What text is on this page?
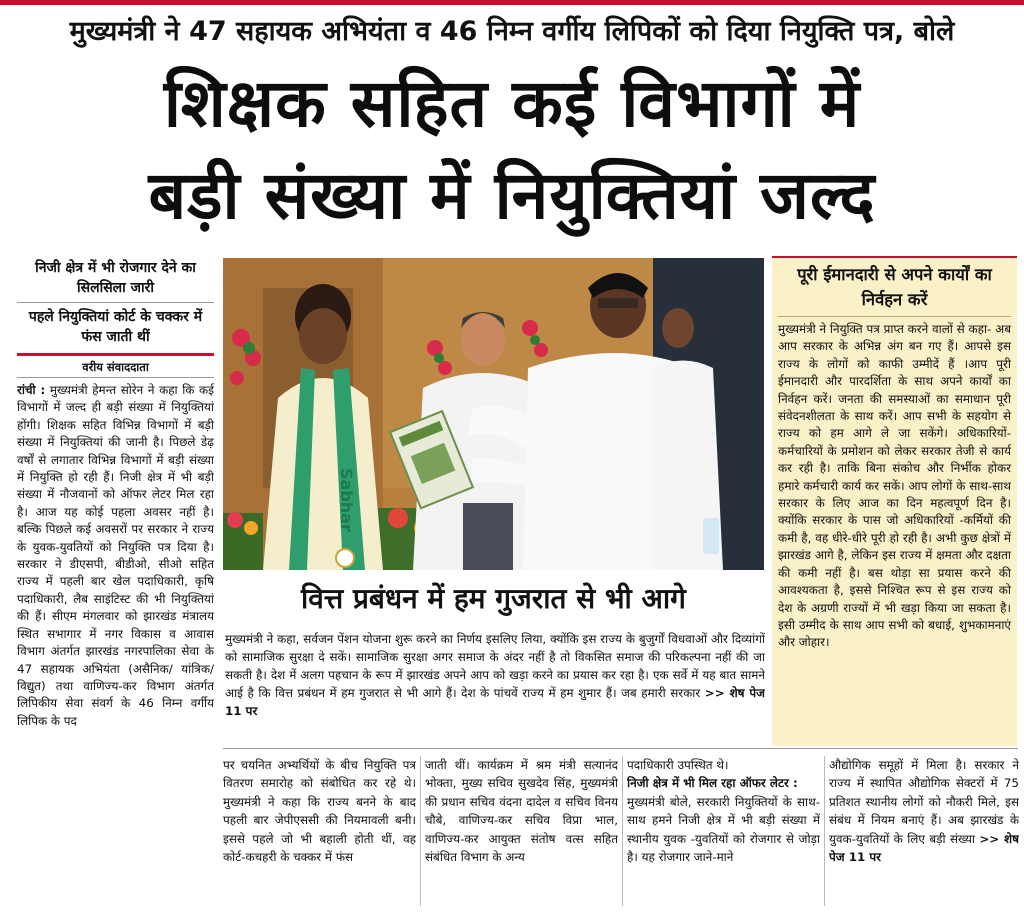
मुख्यमंत्री ने 47 सहायक अभियंता व 46 निम्न वर्गीय लिपिकों को दिया नियुक्ति पत्र, बोले
शिक्षक सहित कई विभागों में
बड़ी संख्या में नियुक्तियां जल्द
निजी क्षेत्र में भी रोजगार देने का सिलसिला जारी
पहले नियुक्तियां कोर्ट के चक्कर में फंस जाती थीं
वरीय संवाददाता
रांची : मुख्यमंत्री हेमन्त सोरेन ने कहा कि कई विभागों में जल्द ही बड़ी संख्या में नियुक्तियां होंगी। शिक्षक सहित विभिन्न विभागों में बड़ी संख्या में नियुक्तियां की जानी है। पिछले डेढ़ वर्षों से लगातार विभिन्न विभागों में बड़ी संख्या में नियुक्ति हो रही हैं। निजी क्षेत्र में भी बड़ी संख्या में नौजवानों को ऑफर लेटर मिल रहा है। आज यह कोई पहला अवसर नहीं है। बल्कि पिछले कई अवसरों पर सरकार ने राज्य के युवक-युवतियों को नियुक्ति पत्र दिया है। सरकार ने डीएसपी, बीडीओ, सीओ सहित राज्य में पहली बार खेल पदाधिकारी, कृषि पदाधिकारी, लैब साइंटिस्ट की भी नियुक्तियां की हैं। सीएम मंगलवार को झारखंड मंत्रालय स्थित सभागार में नगर विकास व आवास विभाग अंतर्गत झारखंड नगरपालिका सेवा के 47 सहायक अभियंता (असैनिक/ यांत्रिक/ विद्युत) तथा वाणिज्य-कर विभाग अंतर्गत लिपिकीय सेवा संवर्ग के 46 निम्न वर्गीय लिपिक के पद
Sabhar
वित्त प्रबंधन में हम गुजरात से भी आगे
मुख्यमंत्री ने कहा, सर्वजन पेंशन योजना शुरू करने का निर्णय इसलिए लिया, क्योंकि इस राज्य के बुजुर्गों विधवाओं और दिव्यांगों को सामाजिक सुरक्षा दे सकें। सामाजिक सुरक्षा अगर समाज के अंदर नहीं है तो विकसित समाज की परिकल्पना नहीं की जा सकती है। देश में अलग पहचान के रूप में झारखंड अपने आप को खड़ा करने का प्रयास कर रहा है। एक सर्वे में यह बात सामने आई है कि वित्त प्रबंधन में हम गुजरात से भी आगे हैं। देश के पांचवें राज्य में हम शुमार हैं। जब हमारी सरकार >> शेष पेज 11 पर
पूरी ईमानदारी से अपने कार्यों का निर्वहन करें
मुख्यमंत्री ने नियुक्ति पत्र प्राप्त करने वालों से कहा- अब आप सरकार के अभिन्न अंग बन गए हैं। आपसे इस राज्य के लोगों को काफी उम्मीदें हैं ।आप पूरी ईमानदारी और पारदर्शिता के साथ अपने कार्यों का निर्वहन करें। जनता की समस्याओं का समाधान पूरी संवेदनशीलता के साथ करें। आप सभी के सहयोग से राज्य को हम आगे ले जा सकेंगे। अधिकारियों- कर्मचारियों के प्रमोशन को लेकर सरकार तेजी से कार्य कर रही है। ताकि बिना संकोच और निर्भीक होकर हमारे कर्मचारी कार्य कर सकें। आप लोगों के साथ-साथ सरकार के लिए आज का दिन महत्वपूर्ण दिन है। क्योंकि सरकार के पास जो अधिकारियों -कर्मियों की कमी है, वह धीरे-धीरे पूरी हो रही है। अभी कुछ क्षेत्रों में झारखंड आगे है, लेकिन इस राज्य में क्षमता और दक्षता की कमी नहीं है। बस थोड़ा सा प्रयास करने की आवश्यकता है, इससे निश्चित रूप से इस राज्य को देश के अग्रणी राज्यों में भी खड़ा किया जा सकता है। इसी उम्मीद के साथ आप सभी को बधाई, शुभकामनाएं और जोहार।
पर चयनित अभ्यर्थियों के बीच नियुक्ति पत्र वितरण समारोह को संबोधित कर रहे थे। मुख्यमंत्री ने कहा कि राज्य बनने के बाद पहली बार जेपीएससी की नियमावली बनी। इससे पहले जो भी बहाली होती थीं, वह कोर्ट-कचहरी के चक्कर में फंस
जाती थीं। कार्यक्रम में श्रम मंत्री सत्यानंद भोक्ता, मुख्य सचिव सुखदेव सिंह, मुख्यमंत्री की प्रधान सचिव वंदना दादेल व सचिव विनय चौबे, वाणिज्य-कर सचिव विप्रा भाल, वाणिज्य-कर आयुक्त संतोष वत्स सहित संबंधित विभाग के अन्य
पदाधिकारी उपस्थित थे।
निजी क्षेत्र में भी मिल रहा ऑफर लेटर :
मुख्यमंत्री बोले, सरकारी नियुक्तियों के साथ-साथ हमने निजी क्षेत्र में भी बड़ी संख्या में स्थानीय युवक -युवतियों को रोजगार से जोड़ा है। यह रोजगार जाने-माने
औद्योगिक समूहों में मिला है। सरकार ने राज्य में स्थापित औद्योगिक सेक्टरों में 75 प्रतिशत स्थानीय लोगों को नौकरी मिले, इस संबंध में नियम बनाएं हैं। अब झारखंड के युवक-युवतियों के लिए बड़ी संख्या >> शेष पेज 11 पर
